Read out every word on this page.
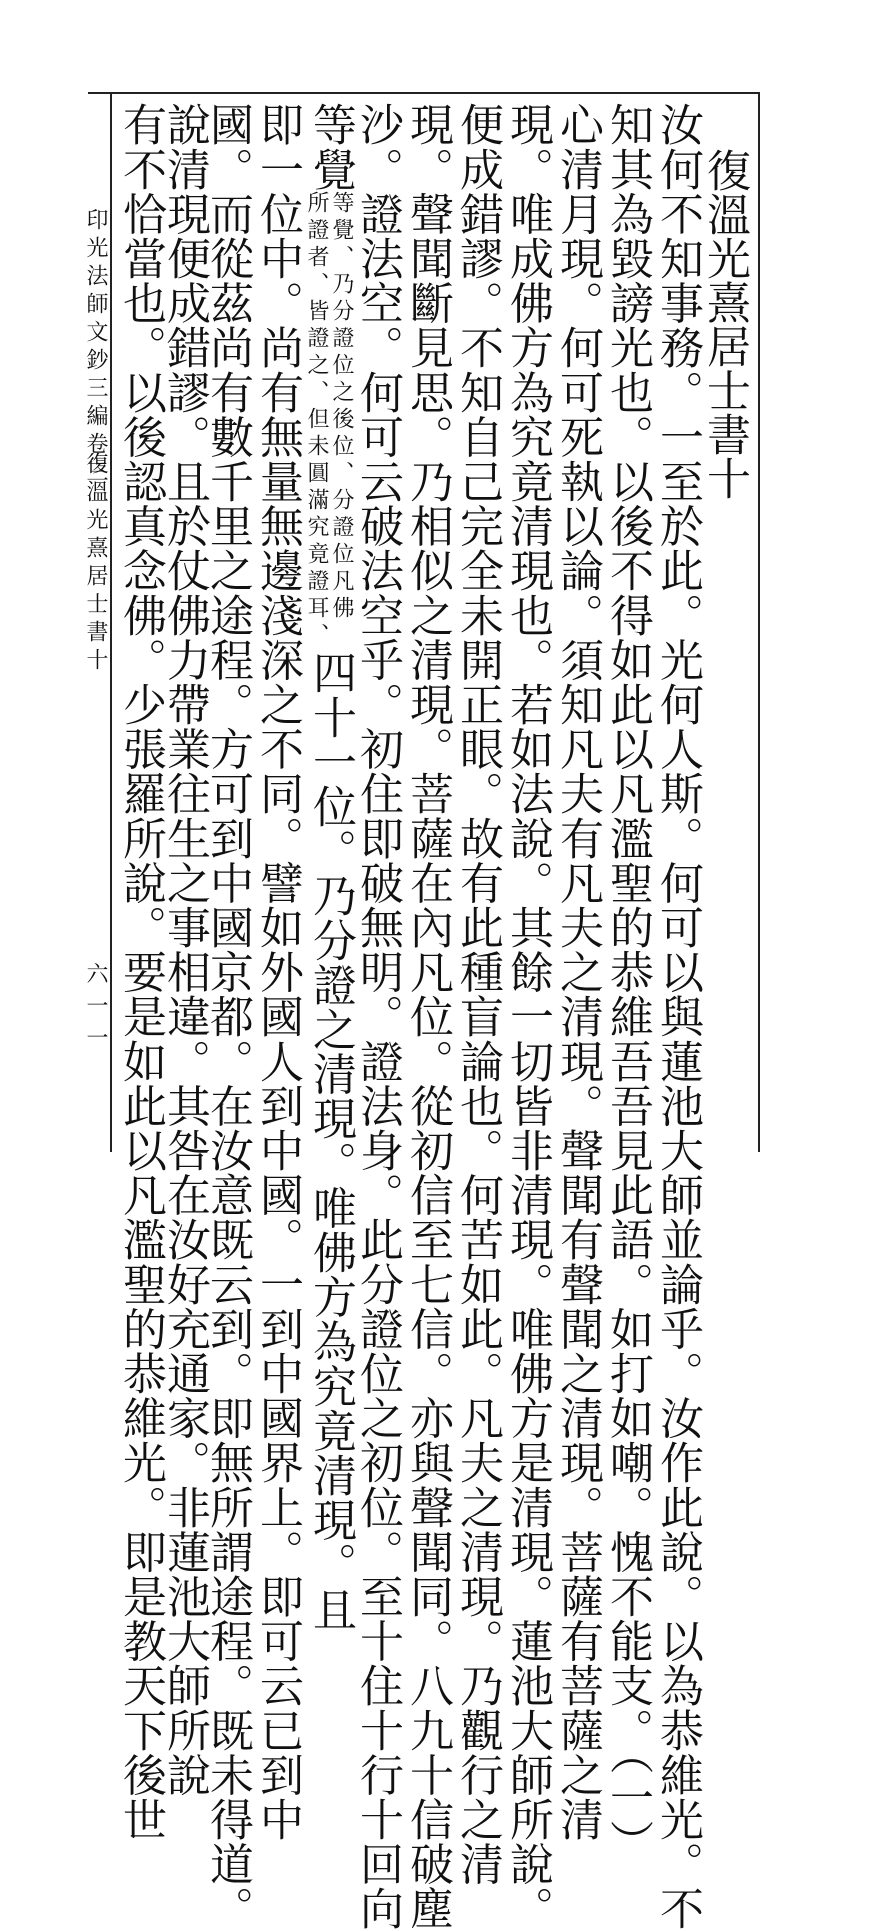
印光法師文鈔三編卷三
復溫光熹居士書十
六一一
復溫光熹居士書十
汝何不知事務。一至於此。光何人斯。何可以與蓮池大師並論乎。汝作此說。以為恭維光。不
知其為毀謗光也。以後不得如此以凡濫聖的恭維吾吾見此語。如打如嘲。愧不能支。（一）
心清月現。何可死執以論。須知凡夫有凡夫之清現。聲聞有聲聞之清現。菩薩有菩薩之清
現。唯成佛方為究竟清現也。若如法說。其餘一切皆非清現。唯佛方是清現。蓮池大師所說。
便成錯謬。不知自己完全未開正眼。故有此種盲論也。何苦如此。凡夫之清現。乃觀行之清
現。聲聞斷見思。乃相似之清現。菩薩在內凡位。從初信至七信。亦與聲聞同。八九十信破塵
沙。證法空。何可云破法空乎。初住即破無明。證法身。此分證位之初位。至十住十行十回向
等覺
等覺、乃分證位之後位、分證位凡佛
所證者、皆證之、但未圓滿究竟證耳、
四十一位。乃分證之清現。唯佛方為究竟清現。且
即一位中。尚有無量無邊淺深之不同。譬如外國人到中國。一到中國界上。即可云已到中
國。而從茲尚有數千里之途程。方可到中國京都。在汝意既云到。即無所謂途程。既未得道。
說清現便成錯謬。且於仗佛力帶業往生之事相違。其咎在汝好充通家。非蓮池大師所說
有不恰當也。以後認真念佛。少張羅所說。要是如此以凡濫聖的恭維光。即是教天下後世
